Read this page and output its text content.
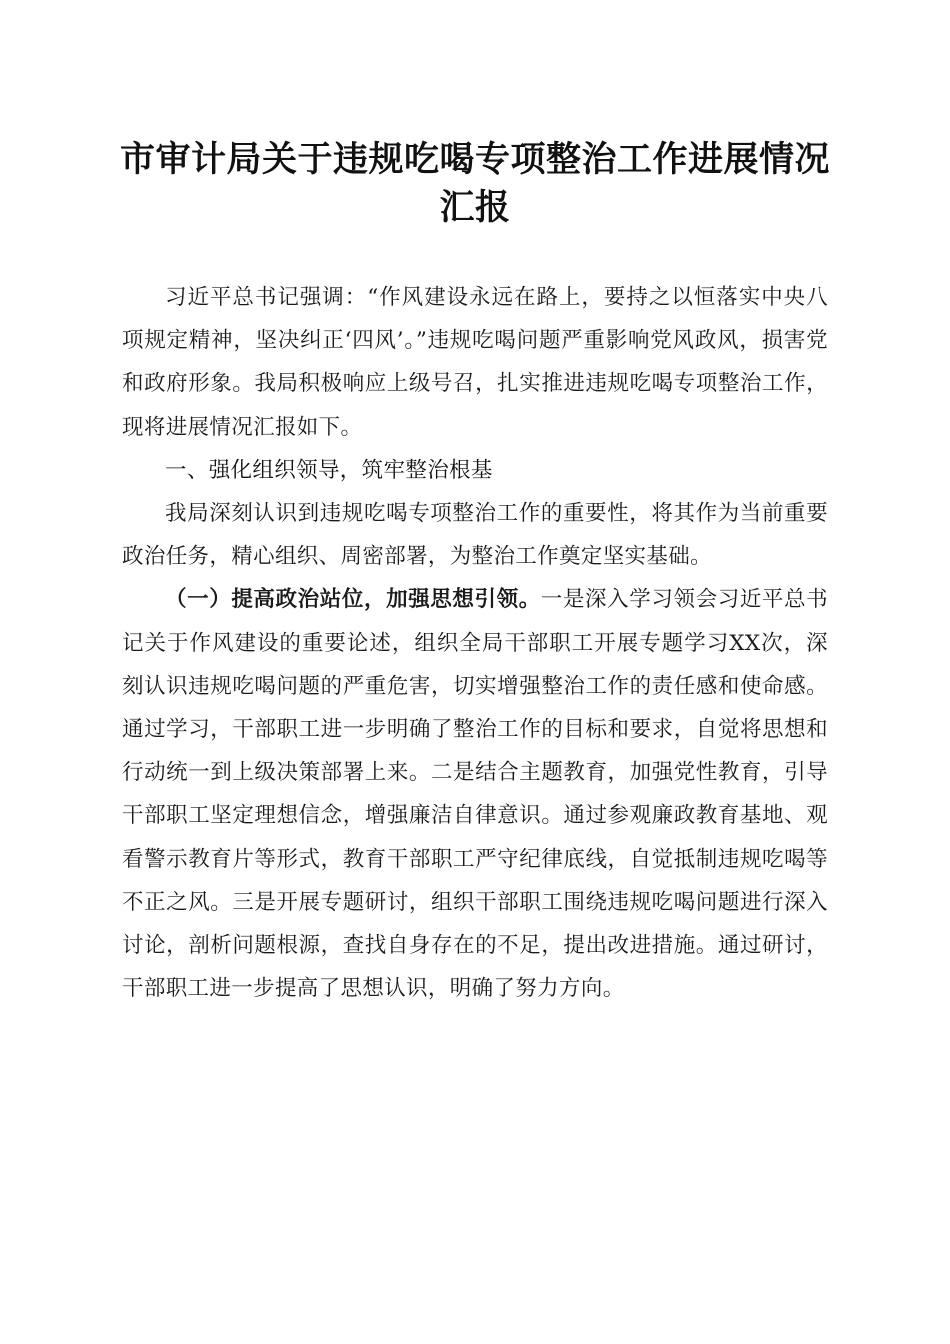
市审计局关于违规吃喝专项整治工作进展情况
汇报

习近平总书记强调：“作风建设永远在路上，要持之以恒落实中央八项规定精神，坚决纠正‘四风’。”违规吃喝问题严重影响党风政风，损害党和政府形象。我局积极响应上级号召，扎实推进违规吃喝专项整治工作，现将进展情况汇报如下。

一、强化组织领导，筑牢整治根基

我局深刻认识到违规吃喝专项整治工作的重要性，将其作为当前重要政治任务，精心组织、周密部署，为整治工作奠定坚实基础。

（一）提高政治站位，加强思想引领。一是深入学习领会习近平总书记关于作风建设的重要论述，组织全局干部职工开展专题学习XX次，深刻认识违规吃喝问题的严重危害，切实增强整治工作的责任感和使命感。通过学习，干部职工进一步明确了整治工作的目标和要求，自觉将思想和行动统一到上级决策部署上来。二是结合主题教育，加强党性教育，引导干部职工坚定理想信念，增强廉洁自律意识。通过参观廉政教育基地、观看警示教育片等形式，教育干部职工严守纪律底线，自觉抵制违规吃喝等不正之风。三是开展专题研讨，组织干部职工围绕违规吃喝问题进行深入讨论，剖析问题根源，查找自身存在的不足，提出改进措施。通过研讨，干部职工进一步提高了思想认识，明确了努力方向。
